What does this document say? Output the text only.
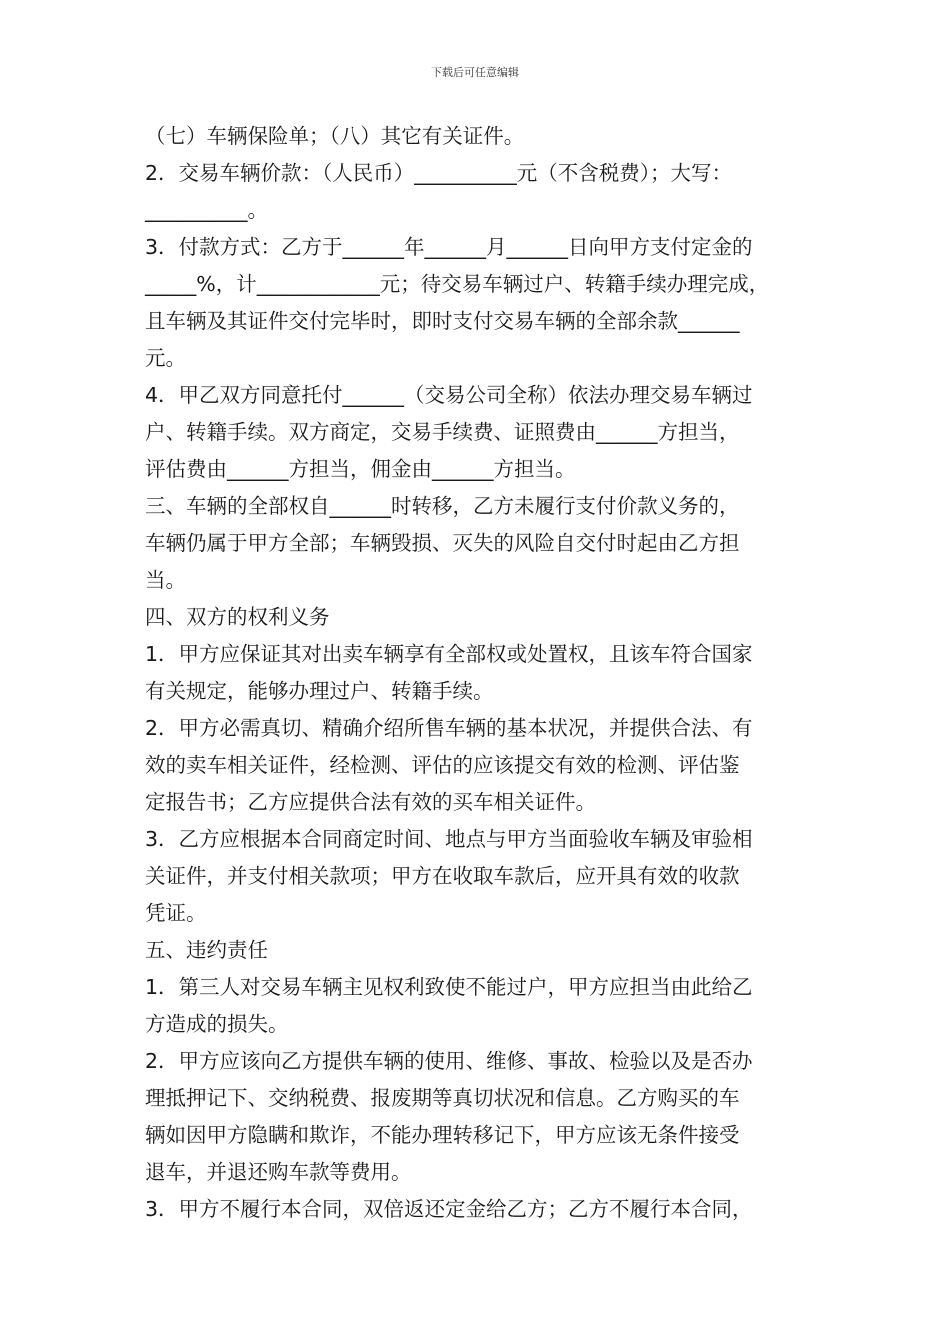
下载后可任意编辑
（七）车辆保险单；（八）其它有关证件。
2．交易车辆价款：（人民币）__________元（不含税费）；大写：
__________。
3．付款方式：乙方于______年______月______日向甲方支付定金的
_____%，计____________元；待交易车辆过户、转籍手续办理完成，
且车辆及其证件交付完毕时，即时支付交易车辆的全部余款______
元。
4．甲乙双方同意托付______（交易公司全称）依法办理交易车辆过
户、转籍手续。双方商定，交易手续费、证照费由______方担当，
评估费由______方担当，佣金由______方担当。
三、车辆的全部权自______时转移，乙方未履行支付价款义务的，
车辆仍属于甲方全部；车辆毁损、灭失的风险自交付时起由乙方担
当。
四、双方的权利义务
1．甲方应保证其对出卖车辆享有全部权或处置权，且该车符合国家
有关规定，能够办理过户、转籍手续。
2．甲方必需真切、精确介绍所售车辆的基本状况，并提供合法、有
效的卖车相关证件，经检测、评估的应该提交有效的检测、评估鉴
定报告书；乙方应提供合法有效的买车相关证件。
3．乙方应根据本合同商定时间、地点与甲方当面验收车辆及审验相
关证件，并支付相关款项；甲方在收取车款后，应开具有效的收款
凭证。
五、违约责任
1．第三人对交易车辆主见权利致使不能过户，甲方应担当由此给乙
方造成的损失。
2．甲方应该向乙方提供车辆的使用、维修、事故、检验以及是否办
理抵押记下、交纳税费、报废期等真切状况和信息。乙方购买的车
辆如因甲方隐瞒和欺诈，不能办理转移记下，甲方应该无条件接受
退车，并退还购车款等费用。
3．甲方不履行本合同，双倍返还定金给乙方；乙方不履行本合同，
